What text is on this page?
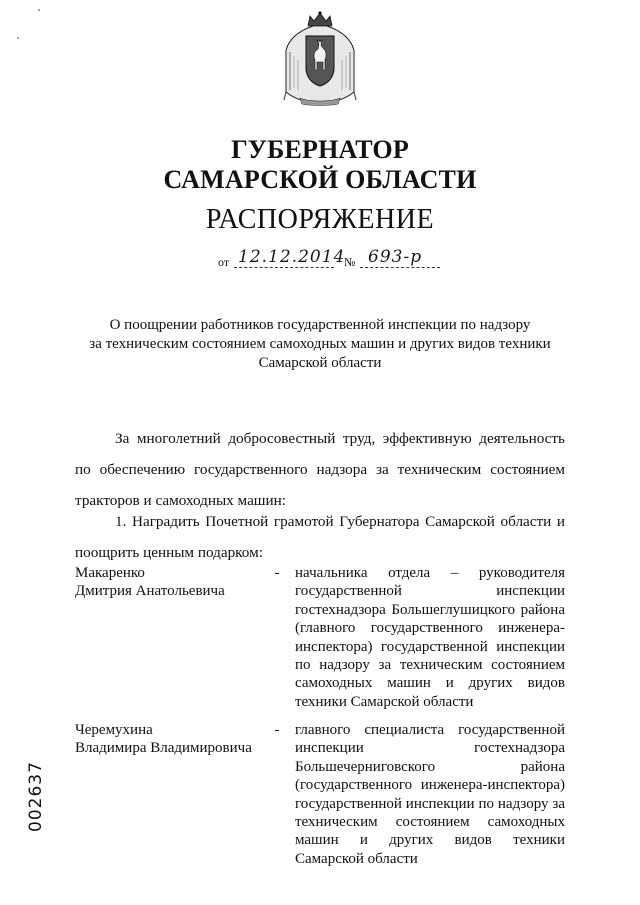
ГУБЕРНАТОР
САМАРСКОЙ ОБЛАСТИ
РАСПОРЯЖЕНИЕ
от 12.12.2014
№ 693-р
О поощрении работников государственной инспекции по надзору
за техническим состоянием самоходных машин и других видов техники
Самарской области
За многолетний добросовестный труд, эффективную деятельность по обеспечению государственного надзора за техническим состоянием тракторов и самоходных машин:
1. Наградить Почетной грамотой Губернатора Самарской области и поощрить ценным подарком:
Макаренко
Дмитрия Анатольевича
- начальника отдела – руководителя государственной инспекции гостехнадзора Большеглушицкого района (главного государственного инженера-инспектора) государственной инспекции по надзору за техническим состоянием самоходных машин и других видов техники Самарской области
Черемухина
Владимира Владимировича
- главного специалиста государственной инспекции гостехнадзора Большечерниговского района (государственного инженера-инспектора) государственной инспекции по надзору за техническим состоянием самоходных машин и других видов техники Самарской области
002637
